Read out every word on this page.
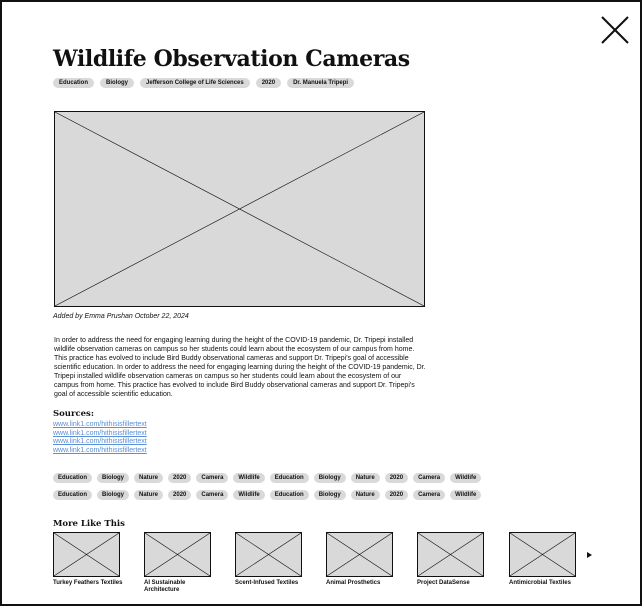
Wildlife Observation Cameras
Education	Biology	Jefferson College of Life Sciences	2020	Dr. Manuela Tripepi
Added by Emma Prushan October 22, 2024
In order to address the need for engaging learning during the height of the COVID-19 pandemic, Dr. Tripepi installed wildlife observation cameras on campus so her students could learn about the ecosystem of our campus from home. This practice has evolved to include Bird Buddy observational cameras and support Dr. Tripepi's goal of accessible scientific education. In order to address the need for engaging learning during the height of the COVID-19 pandemic, Dr. Tripepi installed wildlife observation cameras on campus so her students could learn about the ecosystem of our campus from home. This practice has evolved to include Bird Buddy observational cameras and support Dr. Tripepi's goal of accessible scientific education.
Sources:
www.link1.com/hithisisfillertext
www.link1.com/hithisisfillertext
www.link1.com/hithisisfillertext
www.link1.com/hithisisfillertext
Education	Biology	Nature	2020	Camera	Wildlife	Education	Biology	Nature	2020	Camera	Wildlife
Education	Biology	Nature	2020	Camera	Wildlife	Education	Biology	Nature	2020	Camera	Wildlife
More Like This
Turkey Feathers Textiles	AI Sustainable Architecture
Scent-Infused Textiles	Animal Prosthetics	Project DataSense	Antimicrobial Textiles
